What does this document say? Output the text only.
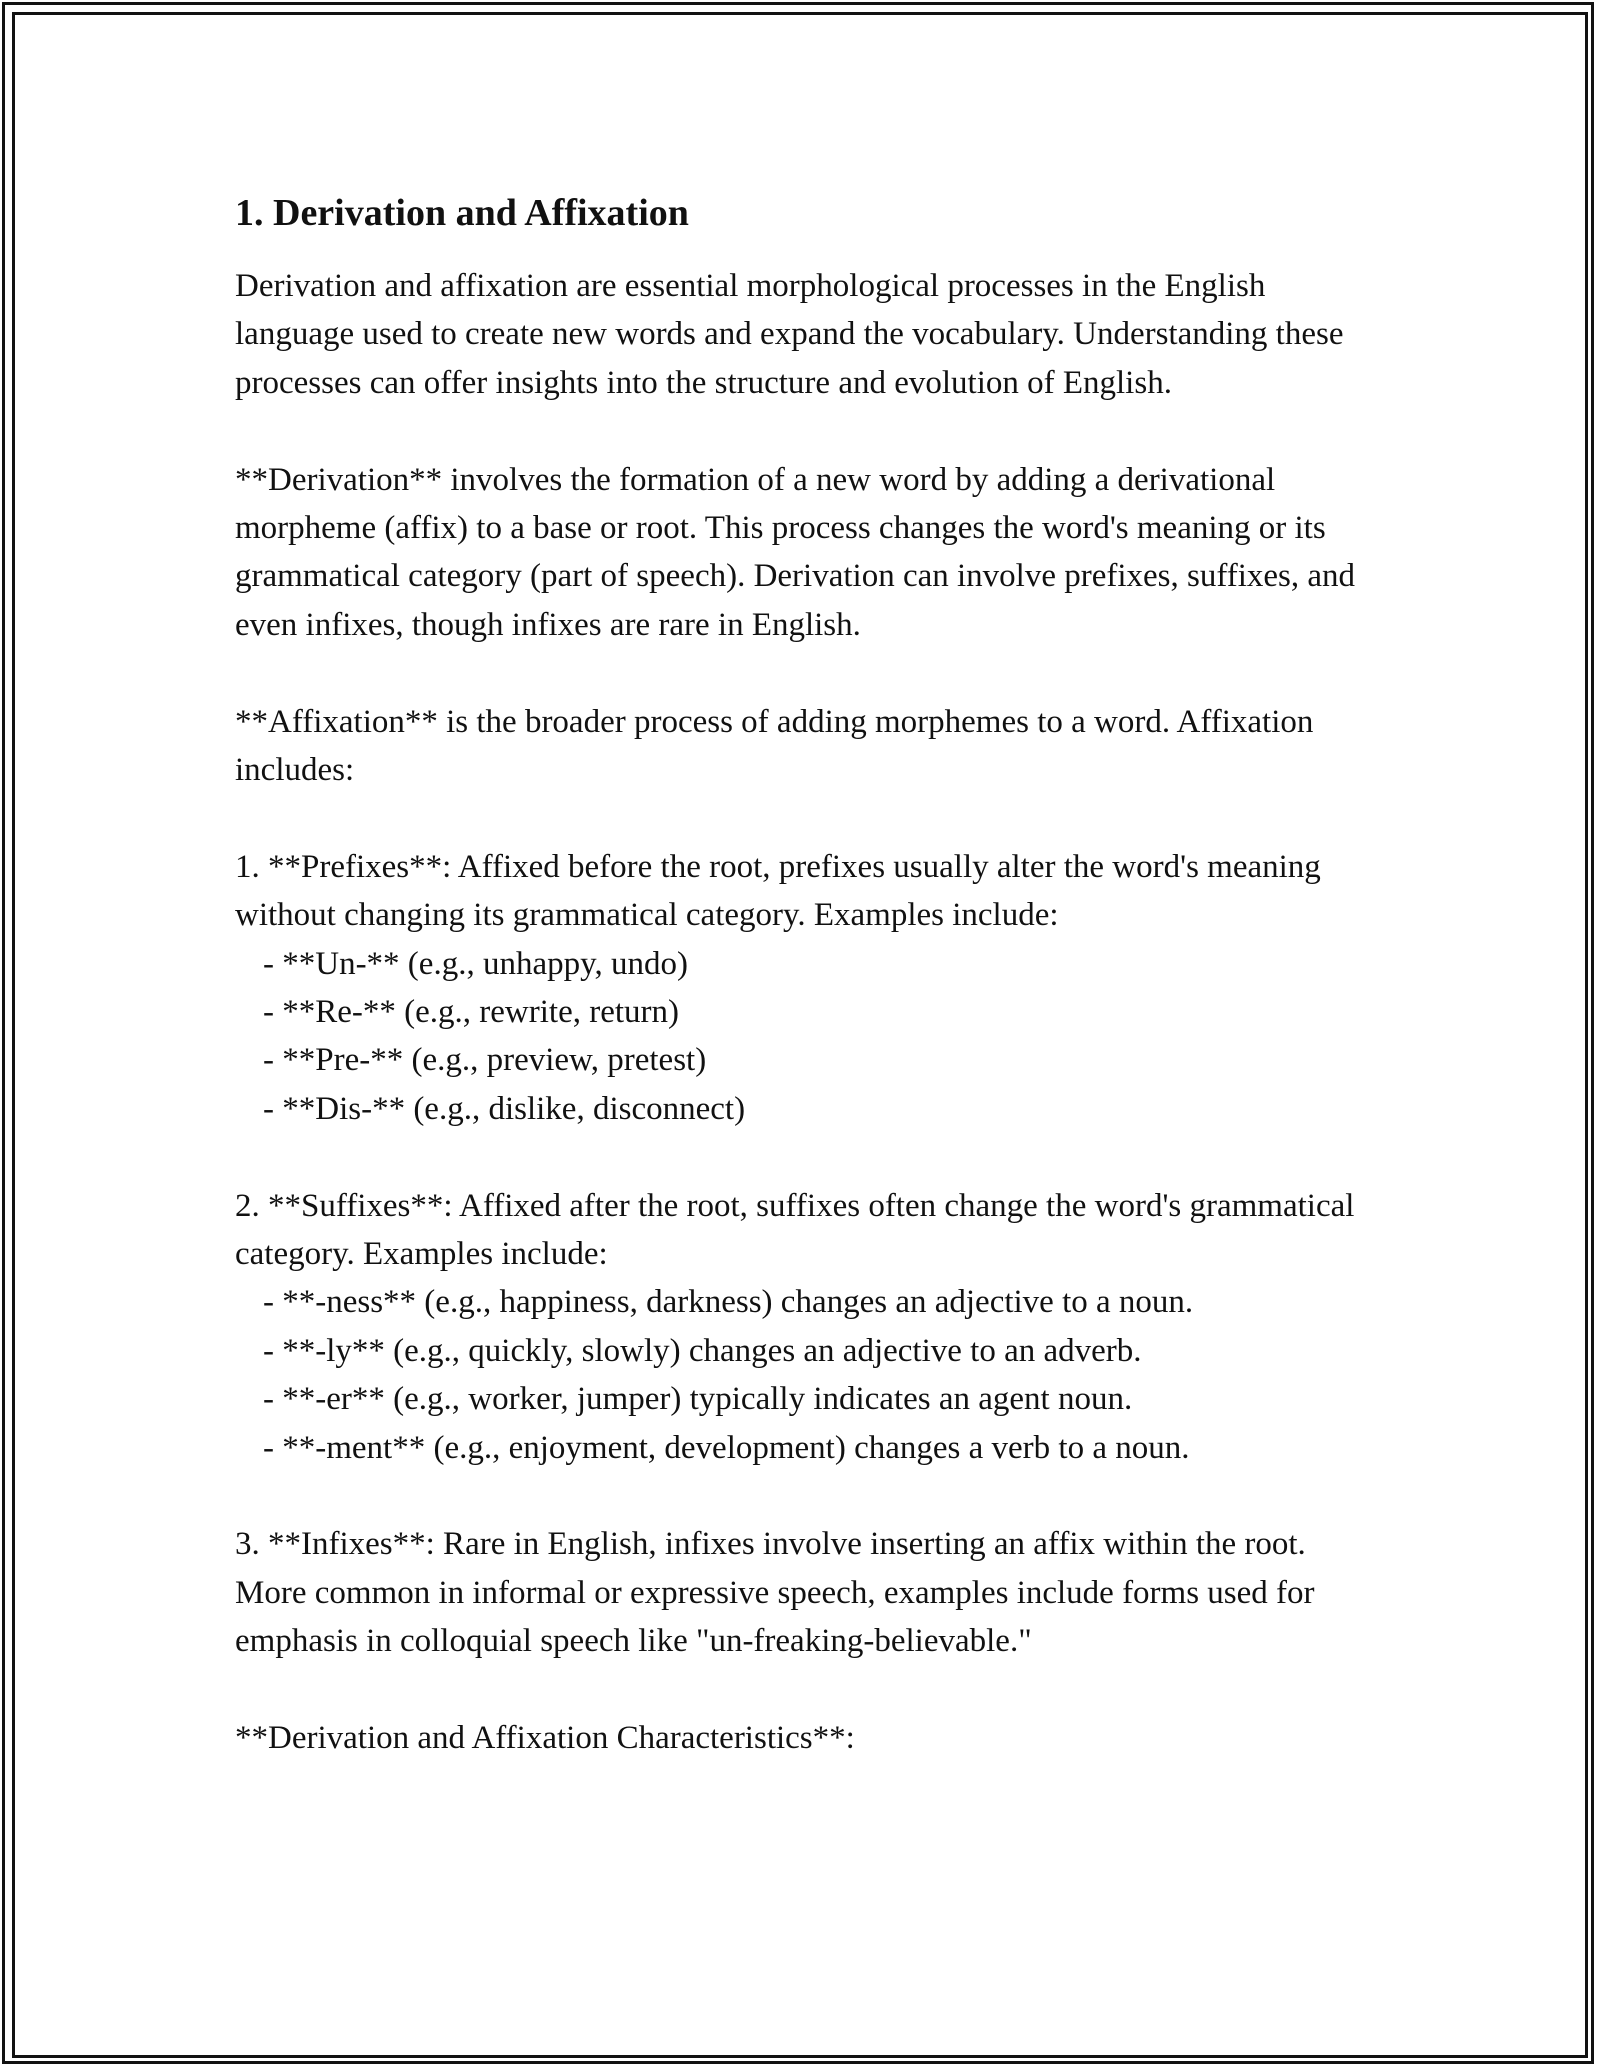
1. Derivation and Affixation

Derivation and affixation are essential morphological processes in the English language used to create new words and expand the vocabulary. Understanding these processes can offer insights into the structure and evolution of English.

**Derivation** involves the formation of a new word by adding a derivational morpheme (affix) to a base or root. This process changes the word's meaning or its grammatical category (part of speech). Derivation can involve prefixes, suffixes, and even infixes, though infixes are rare in English.

**Affixation** is the broader process of adding morphemes to a word. Affixation includes:

1. **Prefixes**: Affixed before the root, prefixes usually alter the word's meaning without changing its grammatical category. Examples include:

- **Un-** (e.g., unhappy, undo)
- **Re-** (e.g., rewrite, return)
- **Pre-** (e.g., preview, pretest)
- **Dis-** (e.g., dislike, disconnect)

2. **Suffixes**: Affixed after the root, suffixes often change the word's grammatical category. Examples include:

- **-ness** (e.g., happiness, darkness) changes an adjective to a noun.
- **-ly** (e.g., quickly, slowly) changes an adjective to an adverb.
- **-er** (e.g., worker, jumper) typically indicates an agent noun.
- **-ment** (e.g., enjoyment, development) changes a verb to a noun.

3. **Infixes**: Rare in English, infixes involve inserting an affix within the root. More common in informal or expressive speech, examples include forms used for emphasis in colloquial speech like "un-freaking-believable."

**Derivation and Affixation Characteristics**:
